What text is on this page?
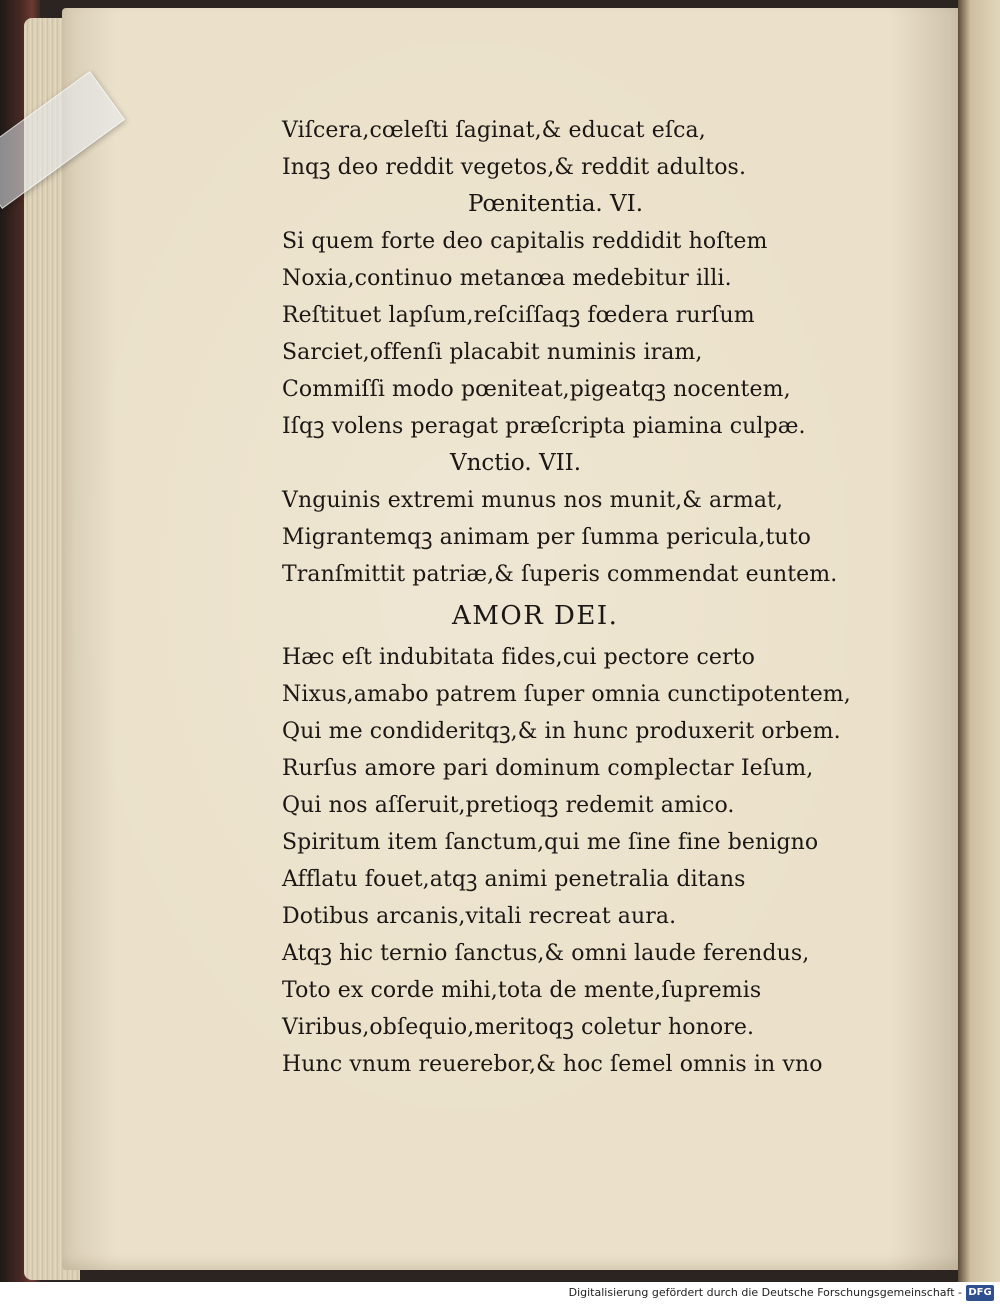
Viſcera,cœleſti ſaginat,& educat eſca,
Inqꝫ deo reddit vegetos,& reddit adultos.
Pœnitentia. VI.
Si quem forte deo capitalis reddidit hoſtem
Noxia,continuo metanœa medebitur illi.
Reſtituet lapſum,reſciſſaqꝫ fœdera rurſum
Sarciet,offenſi placabit numinis iram,
Commiſſi modo pœniteat,pigeatqꝫ nocentem,
Iſqꝫ volens peragat præſcripta piamina culpæ.
Vnctio. VII.
Vnguinis extremi munus nos munit,& armat,
Migrantemqꝫ animam per ſumma pericula,tuto
Tranſmittit patriæ,& ſuperis commendat euntem.
AMOR DEI.
Hæc eſt indubitata fides,cui pectore certo
Nixus,amabo patrem ſuper omnia cunctipotentem,
Qui me condideritqꝫ,& in hunc produxerit orbem.
Rurſus amore pari dominum complectar Ieſum,
Qui nos aſſeruit,pretioqꝫ redemit amico.
Spiritum item ſanctum,qui me ſine fine benigno
Afflatu fouet,atqꝫ animi penetralia ditans
Dotibus arcanis,vitali recreat aura.
Atqꝫ hic ternio ſanctus,& omni laude ferendus,
Toto ex corde mihi,tota de mente,ſupremis
Viribus,obſequio,meritoqꝫ coletur honore.
Hunc vnum reuerebor,& hoc ſemel omnis in vno
Digitalisierung gefördert durch die Deutsche Forschungsgemeinschaft - DFG
